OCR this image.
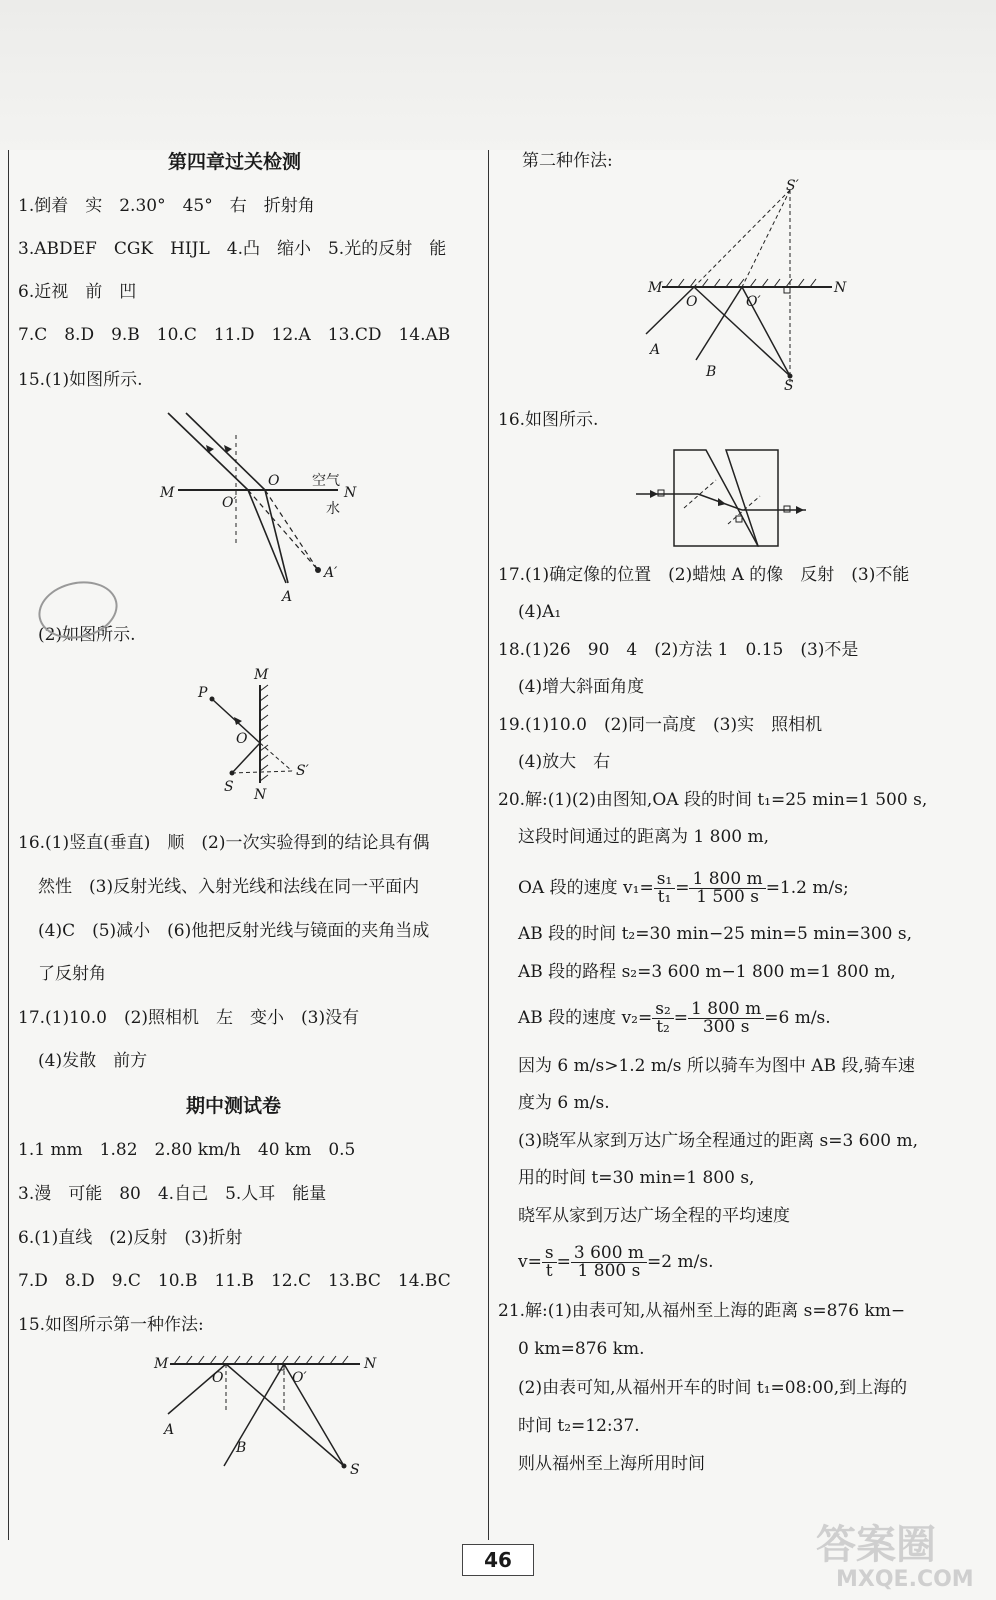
第四章过关检测
1.倒着　实　2.30°　45°　右　折射角
3.ABDEF　CGK　HIJL　4.凸　缩小　5.光的反射　能
6.近视　前　凹
7.C　8.D　9.B　10.C　11.D　12.A　13.CD　14.AB
15.(1)如图所示.
M	N
O
O′
空气
水
A
A′
(2)如图所示.
P
M
N
O
S
S′
16.(1)竖直(垂直)　顺　(2)一次实验得到的结论具有偶
然性　(3)反射光线、入射光线和法线在同一平面内
(4)C　(5)减小　(6)他把反射光线与镜面的夹角当成
了反射角
17.(1)10.0　(2)照相机　左　变小　(3)没有
(4)发散　前方
期中测试卷
1.1 mm　1.82　2.80 km/h　40 km　0.5
3.漫　可能　80　4.自己　5.人耳　能量
6.(1)直线　(2)反射　(3)折射
7.D　8.D　9.C　10.B　11.B　12.C　13.BC　14.BC
15.如图所示第一种作法:
M	N
O	O′
A
B
S
第二种作法:
S′
M	N
O	O′
A
B
S
16.如图所示.
17.(1)确定像的位置　(2)蜡烛 A 的像　反射　(3)不能
(4)A₁
18.(1)26　90　4　(2)方法 1　0.15　(3)不是
(4)增大斜面角度
19.(1)10.0　(2)同一高度　(3)实　照相机
(4)放大　右
20.解:(1)(2)由图知,OA 段的时间 t₁=25 min=1 500 s,
这段时间通过的距离为 1 800 m,
OA 段的速度 $v_1= \frac{\text{s₁}}{\text{t₁}} = \frac{1 800 m}{1 500 s} =1.2$ m/s;
AB 段的时间 t₂=30 min−25 min=5 min=300 s,
AB 段的路程 s₂=3 600 m−1 800 m=1 800 m,
AB 段的速度 $v_2= \frac{\text{s₂}}{\text{t₂}} = \frac{1 800 m}{300 s} =6$ m/s.
因为 6 m/s>1.2 m/s 所以骑车为图中 AB 段,骑车速
度为 6 m/s.
(3)晓军从家到万达广场全程通过的距离 s=3 600 m,
用的时间 t=30 min=1 800 s,
晓军从家到万达广场全程的平均速度
$v= \frac{s}{t} = \frac{3 600 m}{1 800 s} =2$ m/s.
21.解:(1)由表可知,从福州至上海的距离 s=876 km−
0 km=876 km.
(2)由表可知,从福州开车的时间 t₁=08:00,到上海的
时间 t₂=12:37.
则从福州至上海所用时间
46	答案圈
MXQE.COM
